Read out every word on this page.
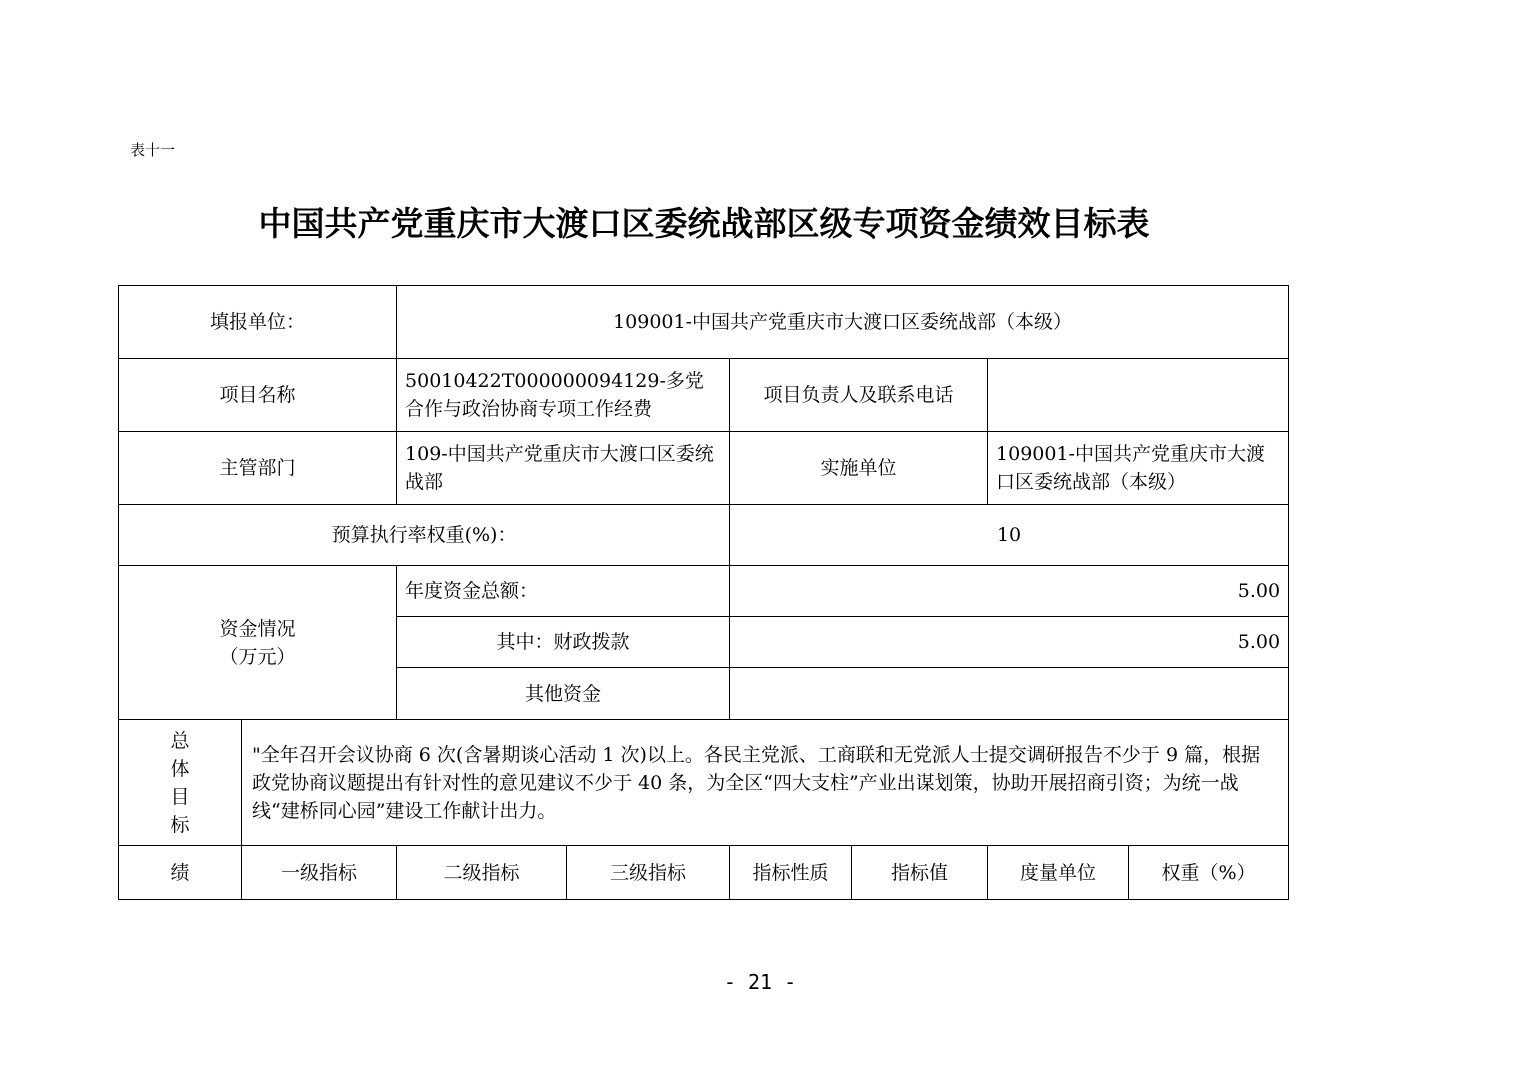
表十一
中国共产党重庆市大渡口区委统战部区级专项资金绩效目标表
填报单位：		109001-中国共产党重庆市大渡口区委统战部（本级）					
项目名称		50010422T000000094129-多党合作与政治协商专项工作经费		项目负责人及联系电话			
主管部门		109-中国共产党重庆市大渡口区委统战部		实施单位		109001-中国共产党重庆市大渡口区委统战部（本级）	
预算执行率权重(%)：				10			

资金情况
（万元）		年度资金总额：		5.00			
		其中：财政拨款		5.00			
		其他资金					

总
体
目
标	"全年召开会议协商 6 次(含暑期谈心活动 1 次)以上。各民主党派、工商联和无党派人士提交调研报告不少于 9 篇，根据政党协商议题提出有针对性的意见建议不少于 40 条，为全区“四大支柱”产业出谋划策，协助开展招商引资；为统一战线“建桥同心园”建设工作献计出力。						
绩	一级指标	二级指标	三级指标	指标性质	指标值	度量单位	权重（%）
- 21 -
